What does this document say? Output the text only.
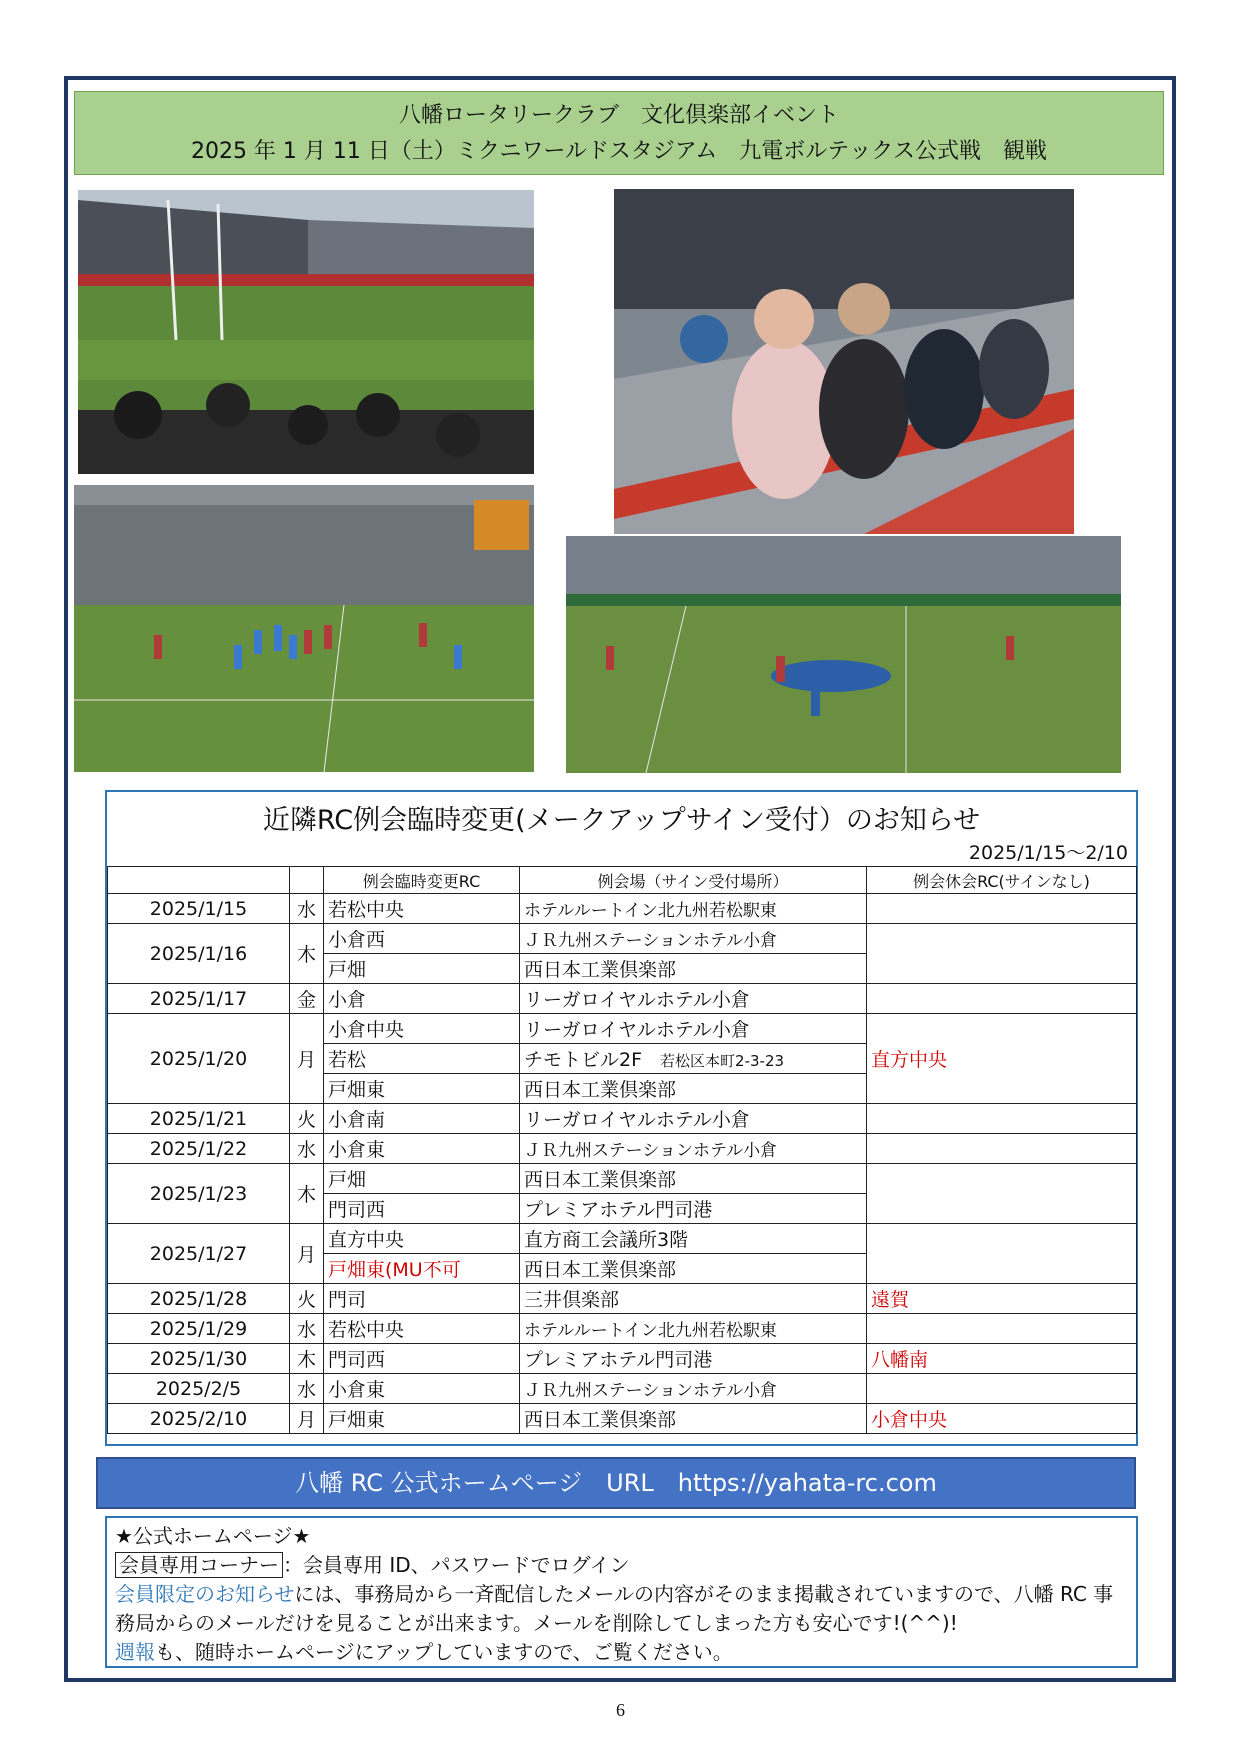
八幡ロータリークラブ　文化倶楽部イベント
2025 年 1 月 11 日（土）ミクニワールドスタジアム　九電ボルテックス公式戦　観戦
近隣RC例会臨時変更(メークアップサイン受付）のお知らせ
2025/1/15～2/10
		例会臨時変更RC	例会場（サイン受付場所）	例会休会RC(サインなし)
2025/1/15	水	若松中央	ホテルルートイン北九州若松駅東	
2025/1/16	木	小倉西	ＪＲ九州ステーションホテル小倉	
		戸畑	西日本工業倶楽部	
2025/1/17	金	小倉	リーガロイヤルホテル小倉	
2025/1/20	月	小倉中央	リーガロイヤルホテル小倉	直方中央
		若松	チモトビル2F 若松区本町2-3-23	
		戸畑東	西日本工業倶楽部	
2025/1/21	火	小倉南	リーガロイヤルホテル小倉	
2025/1/22	水	小倉東	ＪＲ九州ステーションホテル小倉	
2025/1/23	木	戸畑	西日本工業倶楽部	
		門司西	プレミアホテル門司港	
2025/1/27	月	直方中央	直方商工会議所3階	
		戸畑東(MU不可	西日本工業倶楽部	
2025/1/28	火	門司	三井倶楽部	遠賀
2025/1/29	水	若松中央	ホテルルートイン北九州若松駅東	
2025/1/30	木	門司西	プレミアホテル門司港	八幡南
2025/2/5	水	小倉東	ＪＲ九州ステーションホテル小倉	
2025/2/10	月	戸畑東	西日本工業倶楽部	小倉中央
八幡 RC 公式ホームページ　URL　https://yahata-rc.com
★公式ホームページ★
会員専用コーナー ：会員専用 ID、パスワードでログイン
会員限定のお知らせには、事務局から一斉配信したメールの内容がそのまま掲載されていますので、八幡 RC 事務局からのメールだけを見ることが出来ます。メールを削除してしまった方も安心です!(^^)!
週報も、随時ホームページにアップしていますので、ご覧ください。
6
